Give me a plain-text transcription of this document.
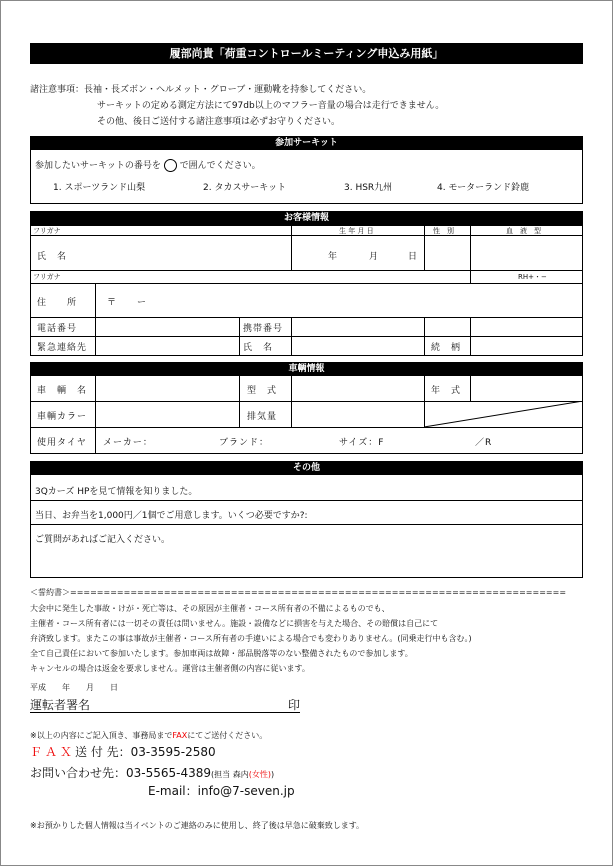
履部尚貴「荷重コントロールミーティング申込み用紙」
諸注意事項：長袖・長ズボン・ヘルメット・グローブ・運動靴を持参してください。
サーキットの定める測定方法にて97db以上のマフラー音量の場合は走行できません。
その他、後日ご送付する諸注意事項は必ずお守りください。
参加サーキット
参加したいサーキットの番号を で囲んでください。
1. スポーツランド山梨	2. タカスサーキット	3. HSR九州	4. モーターランド鈴鹿
お客様情報
フリガナ	生 年 月 日	性　別	血　液　型
氏　名	年	月	日
フリガナ	RH+・−
住　　所	〒　　ー
電話番号	携帯番号
緊急連絡先	氏　名	続　柄
車輌情報
車　輌　名	型　式	年　式
車輌カラー	排気量
使用タイヤ メーカー：	ブランド：	サイズ：F	／R
その他
3Qカーズ HPを見て情報を知りました。
当日、お弁当を1,000円／1個でご用意します。いくつ必要ですか?:
ご質問があればご記入ください。
＜誓約書＞==========================================================================
大会中に発生した事故・けが・死亡等は、その原因が主催者・コース所有者の不備によるものでも、
主催者・コース所有者には一切その責任は問いません。施設・設備などに損害を与えた場合、その賠償は自己にて
弁済致します。またこの事は事故が主催者・コース所有者の手違いによる場合でも変わりありません。(同乗走行中も含む。)
全て自己責任において参加いたします。参加車両は故障・部品脱落等のない整備されたもので参加します。
キャンセルの場合は返金を要求しません。運営は主催者側の内容に従います。
平成　　年　　月　　日
運転者署名	印
※以上の内容にご記入頂き、事務局までFAXにてご送付ください。
ＦＡＸ送 付 先：03-3595-2580
お問い合わせ先：03-5565-4389(担当 森内(女性))
E-mail：info@7-seven.jp
※お預かりした個人情報は当イベントのご連絡のみに使用し、終了後は早急に破棄致します。
